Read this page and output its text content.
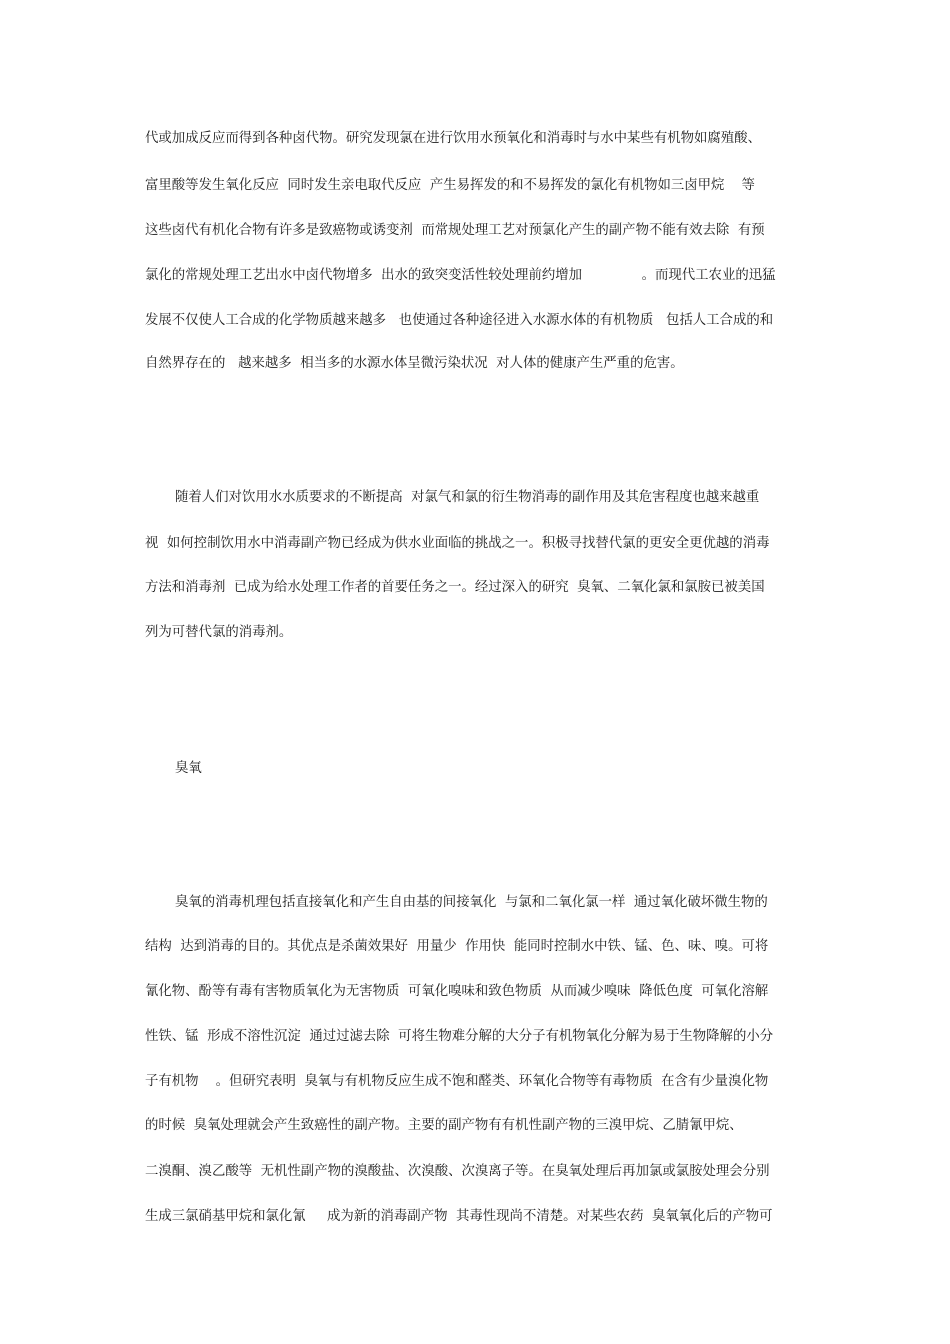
代或加成反应而得到各种卤代物。研究发现氯在进行饮用水预氧化和消毒时与水中某些有机物如腐殖酸、
富里酸等发生氧化反应  同时发生亲电取代反应  产生易挥发的和不易挥发的氯化有机物如三卤甲烷    等
这些卤代有机化合物有许多是致癌物或诱变剂  而常规处理工艺对预氯化产生的副产物不能有效去除  有预
氯化的常规处理工艺出水中卤代物增多  出水的致突变活性较处理前约增加              。而现代工农业的迅猛
发展不仅使人工合成的化学物质越来越多   也使通过各种途径进入水源水体的有机物质   包括人工合成的和
自然界存在的   越来越多  相当多的水源水体呈微污染状况  对人体的健康产生严重的危害。
随着人们对饮用水水质要求的不断提高  对氯气和氯的衍生物消毒的副作用及其危害程度也越来越重
视  如何控制饮用水中消毒副产物已经成为供水业面临的挑战之一。积极寻找替代氯的更安全更优越的消毒
方法和消毒剂  已成为给水处理工作者的首要任务之一。经过深入的研究  臭氧、二氧化氯和氯胺已被美国
列为可替代氯的消毒剂。
臭氧
臭氧的消毒机理包括直接氧化和产生自由基的间接氧化  与氯和二氧化氯一样  通过氧化破坏微生物的
结构  达到消毒的目的。其优点是杀菌效果好  用量少  作用快  能同时控制水中铁、锰、色、味、嗅。可将
氰化物、酚等有毒有害物质氧化为无害物质  可氧化嗅味和致色物质  从而减少嗅味  降低色度  可氧化溶解
性铁、锰  形成不溶性沉淀  通过过滤去除  可将生物难分解的大分子有机物氧化分解为易于生物降解的小分
子有机物    。但研究表明  臭氧与有机物反应生成不饱和醛类、环氧化合物等有毒物质  在含有少量溴化物
的时候  臭氧处理就会产生致癌性的副产物。主要的副产物有有机性副产物的三溴甲烷、乙腈氰甲烷、
二溴酮、溴乙酸等  无机性副产物的溴酸盐、次溴酸、次溴离子等。在臭氧处理后再加氯或氯胺处理会分别
生成三氯硝基甲烷和氯化氰     成为新的消毒副产物  其毒性现尚不清楚。对某些农药  臭氧氧化后的产物可
